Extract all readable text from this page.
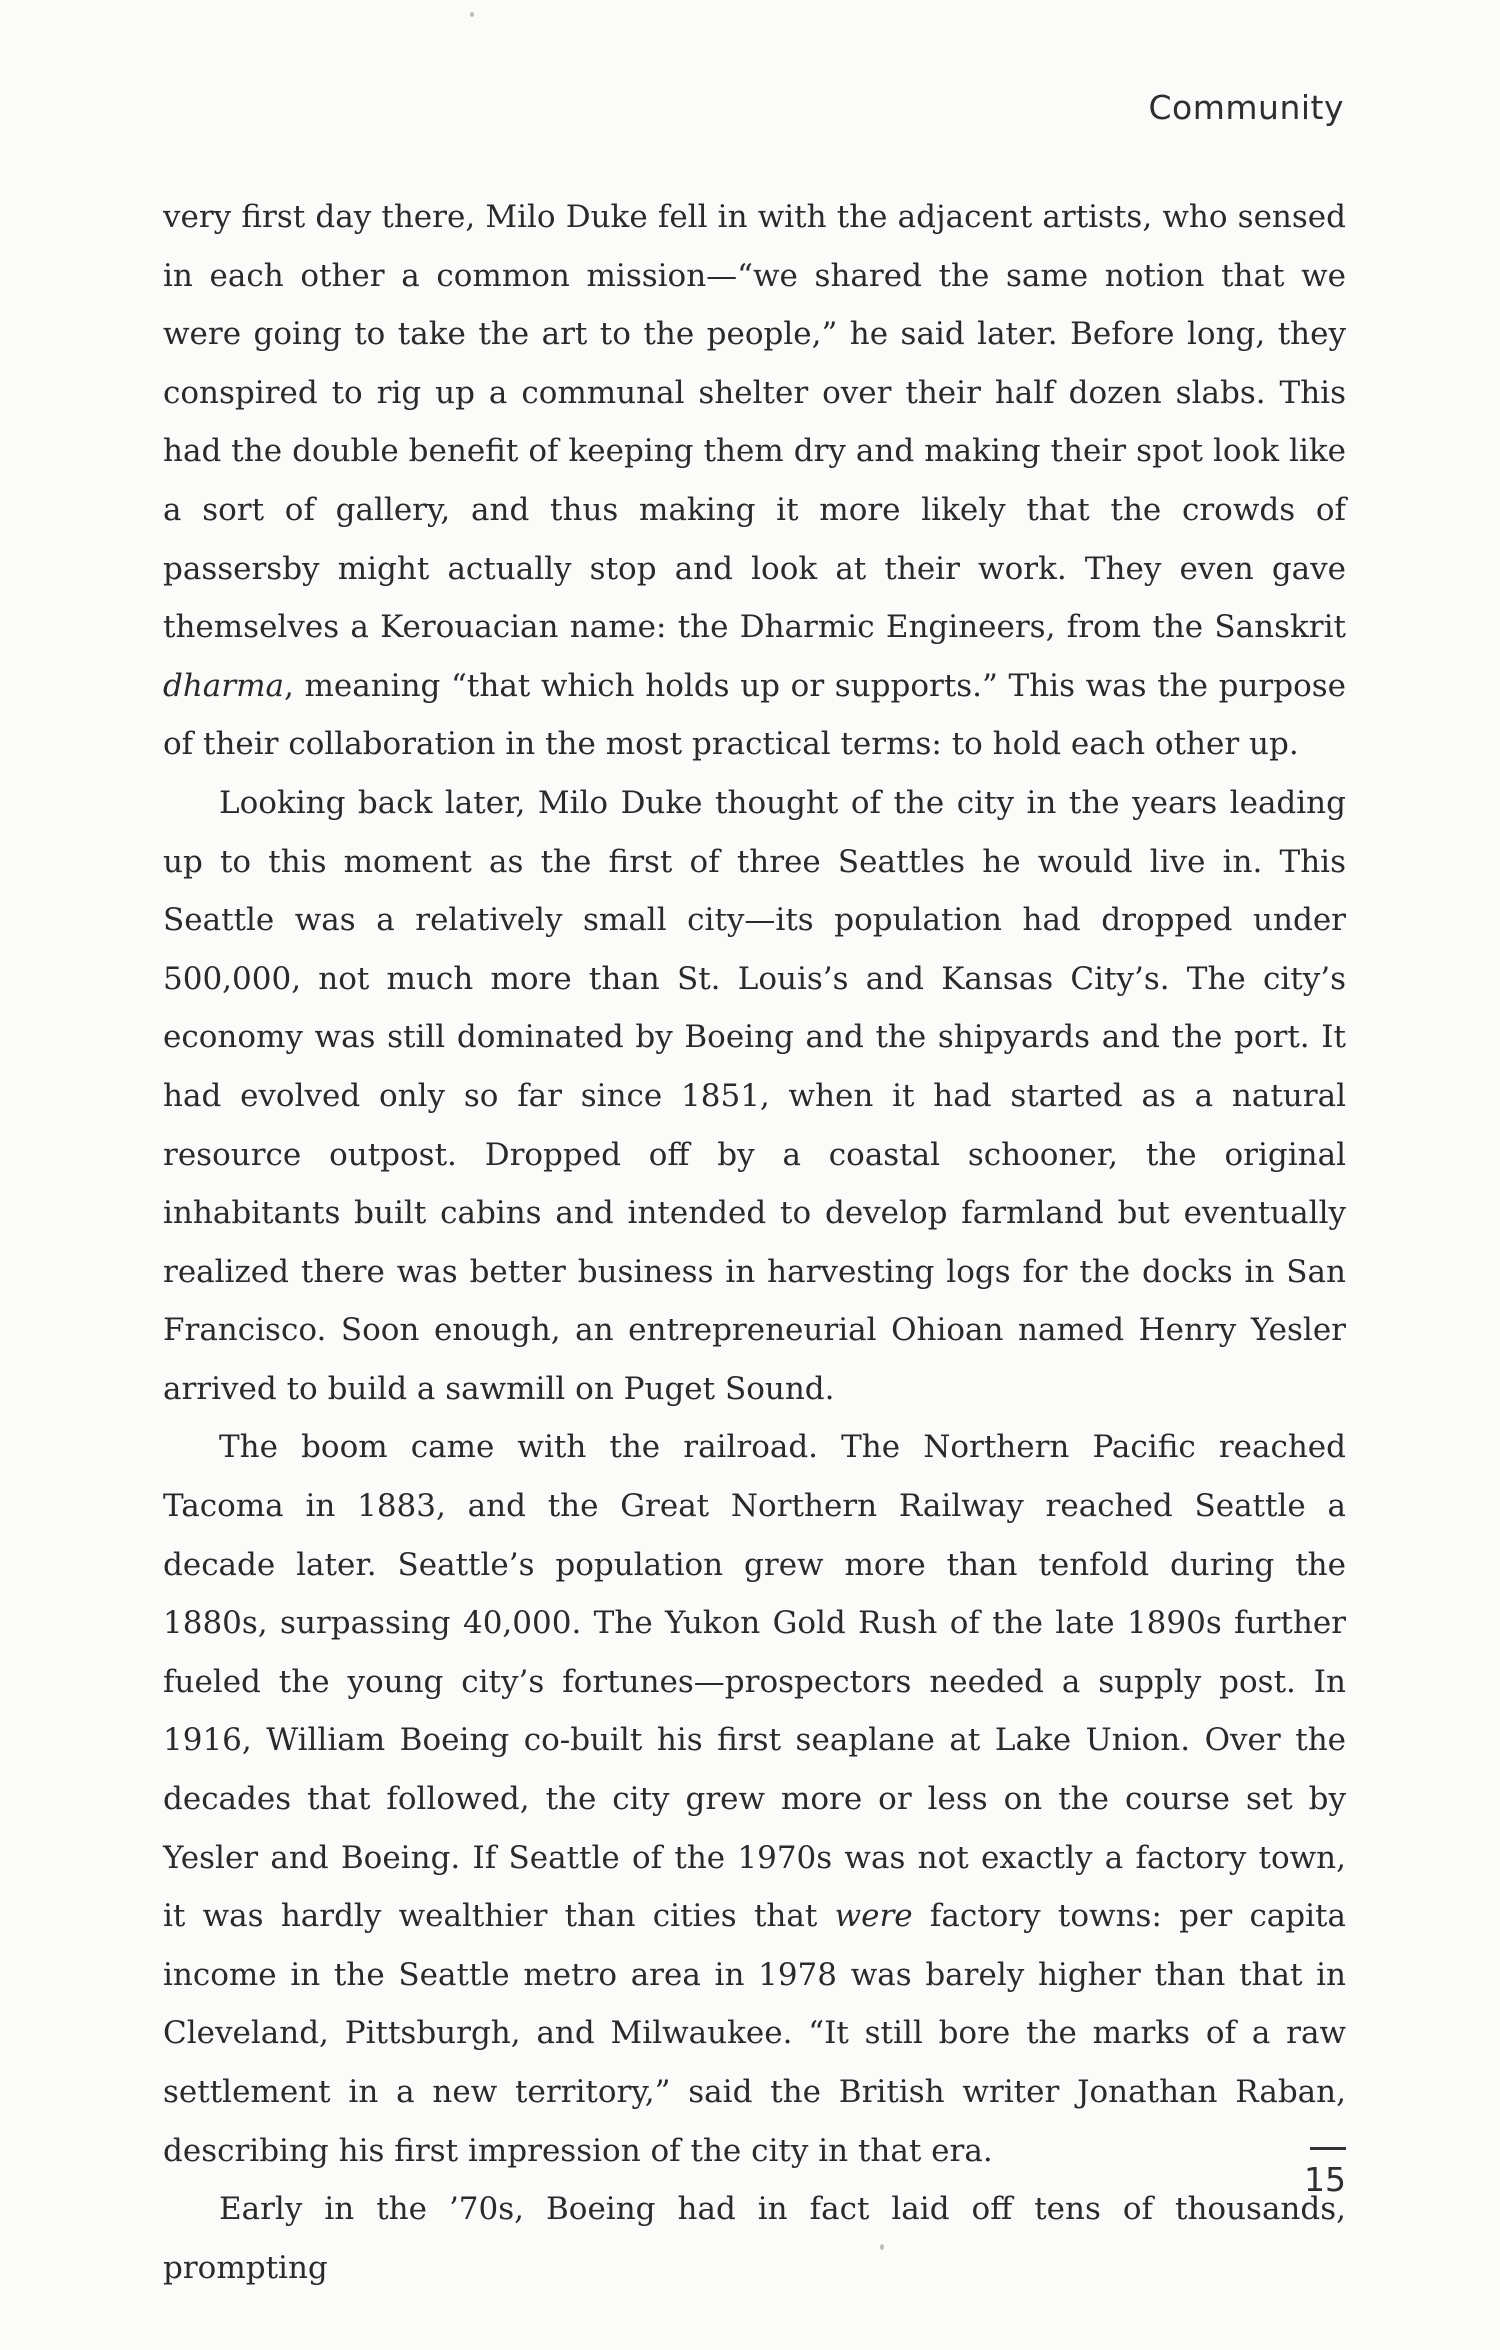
Community

very first day there, Milo Duke fell in with the adjacent artists, who sensed in each other a common mission—“we shared the same notion that we were going to take the art to the people,” he said later. Before long, they conspired to rig up a communal shelter over their half dozen slabs. This had the double benefit of keeping them dry and making their spot look like a sort of gallery, and thus making it more likely that the crowds of passersby might actually stop and look at their work. They even gave themselves a Kerouacian name: the Dharmic Engineers, from the Sanskrit dharma, meaning “that which holds up or supports.” This was the purpose of their collaboration in the most practical terms: to hold each other up.

Looking back later, Milo Duke thought of the city in the years leading up to this moment as the first of three Seattles he would live in. This Seattle was a relatively small city—its population had dropped under 500,000, not much more than St. Louis’s and Kansas City’s. The city’s economy was still dominated by Boeing and the shipyards and the port. It had evolved only so far since 1851, when it had started as a natural resource outpost. Dropped off by a coastal schooner, the original inhabitants built cabins and intended to develop farmland but eventually realized there was better business in harvesting logs for the docks in San Francisco. Soon enough, an entrepreneurial Ohioan named Henry Yesler arrived to build a sawmill on Puget Sound.

The boom came with the railroad. The Northern Pacific reached Tacoma in 1883, and the Great Northern Railway reached Seattle a decade later. Seattle’s population grew more than tenfold during the 1880s, surpassing 40,000. The Yukon Gold Rush of the late 1890s further fueled the young city’s fortunes—prospectors needed a supply post. In 1916, William Boeing co-built his first seaplane at Lake Union. Over the decades that followed, the city grew more or less on the course set by Yesler and Boeing. If Seattle of the 1970s was not exactly a factory town, it was hardly wealthier than cities that were factory towns: per capita income in the Seattle metro area in 1978 was barely higher than that in Cleveland, Pittsburgh, and Milwaukee. “It still bore the marks of a raw settlement in a new territory,” said the British writer Jonathan Raban, describing his first impression of the city in that era.

Early in the ’70s, Boeing had in fact laid off tens of thousands, prompting

15
